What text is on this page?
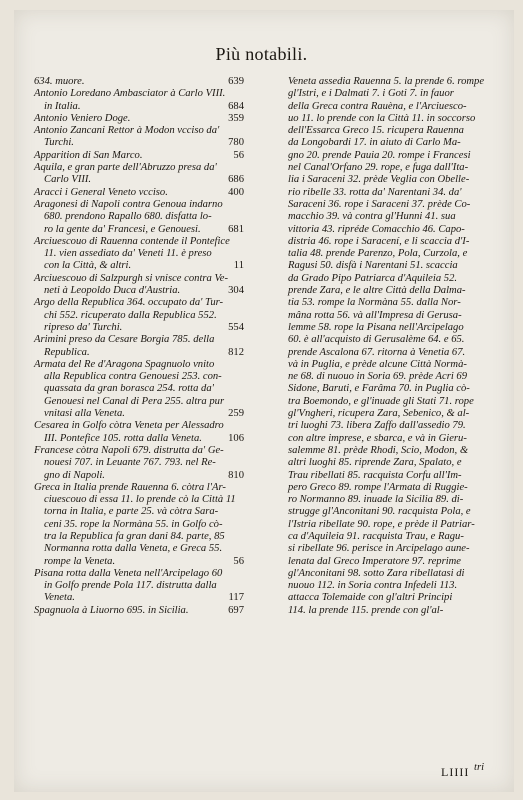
Più notabili.
634. muore.	639
Antonio Loredano Ambasciator à Carlo VIII.
in Italia.	684
Antonio Veniero Doge.	359
Antonio Zancani Rettor à Modon vcciso da'
Turchi.	780
Apparition di San Marco.	56
Aquila, e gran parte dell'Abruzzo presa da'
Carlo VIII.	686
Aracci i General Veneto vcciso.	400
Aragonesi di Napoli contra Genoua indarno
680. prendono Rapallo 680. disfatta lo-
ro la gente da' Francesi, e Genouesi.	681
Arciuescouo di Rauenna contende il Pontefice
11. vien assediato da' Veneti 11. è preso
con la Città, & altri.	11
Arciuescouo di Salzpurgh si vnisce contra Ve-
neti à Leopoldo Duca d'Austria.	304
Argo della Republica 364. occupato da' Tur-
chi 552. ricuperato dalla Republica 552.
ripreso da' Turchi.	554
Arimini preso da Cesare Borgia 785. della
Republica.	812
Armata del Re d'Aragona Spagnuolo vnito
alla Republica contra Genouesi 253. con-
quassata da gran borasca 254. rotta da'
Genouesi nel Canal di Pera 255. altra pur
vnitasi alla Veneta.	259
Cesarea in Golfo còtra Veneta per Alessadro
III. Pontefice 105. rotta dalla Veneta.	106
Francese còtra Napoli 679. distrutta da' Ge-
nouesi 707. in Leuante 767. 793. nel Re-
gno di Napoli.	810
Greca in Italia prende Rauenna 6. còtra l'Ar-
ciuescouo di essa 11. lo prende cò la Città 11
torna in Italia, e parte 25. và còtra Sara-
ceni 35. rope la Normàna 55. in Golfo cò-
tra la Republica fa gran dani 84. parte, 85
Normanna rotta dalla Veneta, e Greca 55.
rompe la Veneta.	56
Pisana rotta dalla Veneta nell'Arcipelago 60
in Golfo prende Pola 117. distrutta dalla
Veneta.	117
Spagnuola à Liuorno 695. in Sicilia.	697
Veneta assedia Rauenna 5. la prende 6. rompe
gl'Istri, e i Dalmati 7. i Goti 7. in fauor
della Greca contra Rauèna, e l'Arciuesco-
uo 11. lo prende con la Città 11. in soccorso
dell'Essarca Greco 15. ricupera Rauenna
da Longobardi 17. in aiuto di Carlo Ma-
gno 20. prende Pauia 20. rompe i Francesi
nel Canal'Orfano 29. rope, e fuga dall'Ita-
lia i Saraceni 32. prède Veglia con Obelle-
rio ribelle 33. rotta da' Narentani 34. da'
Saraceni 36. rope i Saraceni 37. prède Co-
macchio 39. và contra gl'Hunni 41. sua
vittoria 43. ripréde Comacchio 46. Capo-
distria 46. rope i Saracení, e li scaccia d'I-
talia 48. prende Parenzo, Pola, Curzola, e
Ragusi 50. disfà i Narentani 51. scaccia
da Grado Pipo Patriarca d'Aquileia 52.
prende Zara, e le altre Città della Dalma-
tia 53. rompe la Normàna 55. dalla Nor-
mâna rotta 56. và all'Impresa di Gerusa-
lemme 58. rope la Pisana nell'Arcipelago
60. è all'acquisto di Gerusalème 64. e 65.
prende Ascalona 67. ritorna à Venetia 67.
và in Puglia, e prède alcune Città Normà-
ne 68. di nuouo in Soria 69. prède Acri 69
Sidone, Baruti, e Farâma 70. in Puglia cò-
tra Boemondo, e gl'inuade gli Stati 71. rope
gl'Vngheri, ricupera Zara, Sebenico, & al-
tri luoghi 73. libera Zaffo dall'assedio 79.
con altre imprese, e sbarca, e và in Gieru-
salemme 81. prède Rhodi, Scio, Modon, &
altri luoghi 85. riprende Zara, Spalato, e
Trau ribellati 85. racquista Corfu all'Im-
pero Greco 89. rompe l'Armata di Ruggie-
ro Normanno 89. inuade la Sicilia 89. di-
strugge gl'Anconitani 90. racquista Pola, e
l'Istria ribellate 90. rope, e prède il Patriar-
ca d'Aquileia 91. racquista Trau, e Ragu-
si ribellate 96. perisce in Arcipelago aune-
lenata dal Greco Imperatore 97. reprime
gl'Anconitani 98. sotto Zara ribellatasi di
nuouo 112. in Soria contra Infedeli 113.
attacca Tolemaide con gl'altri Principi
114. la prende 115. prende con gl'al-
LIIII tri
